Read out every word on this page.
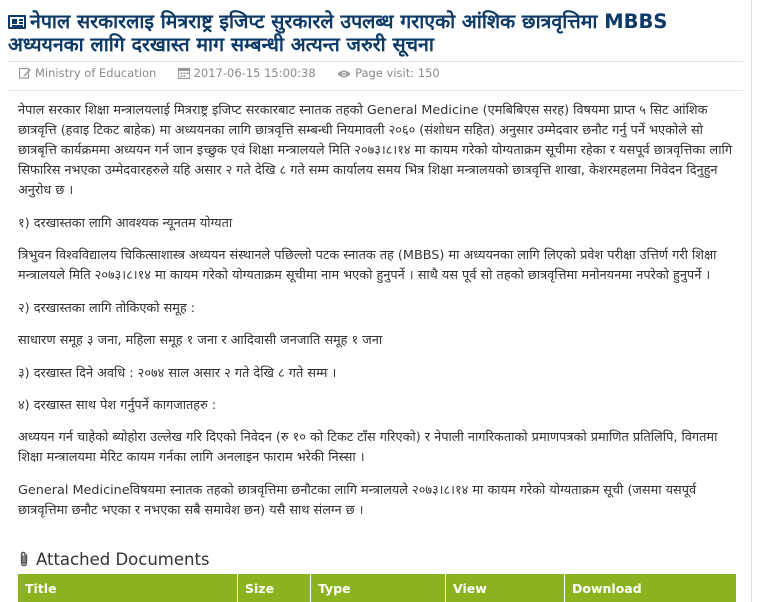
नेपाल सरकारलाइ मित्रराष्ट्र इजिप्ट सुरकारले उपलब्ध गराएको आंशिक छात्रवृत्तिमा MBBS अध्ययनका लागि दरखास्त माग सम्बन्धी अत्यन्त जरुरी सूचना
Ministry of Education	2017-06-15 15:00:38	Page visit: 150

नेपाल सरकार शिक्षा मन्त्रालयलाई मित्रराष्ट्र इजिप्ट सरकारबाट स्नातक तहको General Medicine (एमबिबिएस सरह) विषयमा प्राप्त ५ सिट आंशिक छात्रवृत्ति (हवाइ टिकट बाहेक) मा अध्ययनका लागि छात्रवृत्ति सम्बन्धी नियमावली २०६० (संशोधन सहित) अनुसार उम्मेदवार छनौट गर्नु पर्ने भएकोले सो छात्रबृत्ति कार्यक्रममा अध्ययन गर्न जान इच्छुक एवं शिक्षा मन्त्रालयले मिति २०७३।८।१४ मा कायम गरेको योग्यताक्रम सूचीमा रहेका र यसपूर्व छात्रवृत्तिका लागि सिफारिस नभएका उम्मेदवारहरुले यहि असार २ गते देखि ८ गते सम्म कार्यालय समय भित्र शिक्षा मन्त्रालयको छात्रवृत्ति शाखा, केशरमहलमा निवेदन दिनुहुन अनुरोध छ ।

१) दरखास्तका लागि आवश्यक न्यूनतम योग्यता

त्रिभुवन विश्वविद्यालय चिकित्साशास्त्र अध्ययन संस्थानले पछिल्लो पटक स्नातक तह (MBBS) मा अध्ययनका लागि लिएको प्रवेश परीक्षा उत्तिर्ण गरी शिक्षा मन्त्रालयले मिति २०७३।८।१४ मा कायम गरेको योग्यताक्रम सूचीमा नाम भएको हुनुपर्ने । साथै यस पूर्व सो तहको छात्रवृत्तिमा मनोनयनमा नपरेको हुनुपर्ने ।

२) दरखास्तका लागि तोकिएको समूह :

साधारण समूह ३ जना, महिला समूह १ जना र आदिवासी जनजाति समूह १ जना

३) दरखास्त दिने अवधि : २०७४ साल असार २ गते देखि ८ गते सम्म ।

४) दरखास्त साथ पेश गर्नुपर्ने कागजातहरु :

अध्ययन गर्न चाहेको ब्योहोरा उल्लेख गरि दिएको निवेदन (रु १० को टिकट टाँस गरिएको) र नेपाली नागरिकताको प्रमाणपत्रको प्रमाणित प्रतिलिपि, विगतमा शिक्षा मन्त्रालयमा मेरिट कायम गर्नका लागि अनलाइन फाराम भरेकी निस्सा ।

General Medicineविषयमा स्नातक तहको छात्रवृत्तिमा छनौटका लागि मन्त्रालयले २०७३।८।१४ मा कायम गरेको योग्यताक्रम सूची (जसमा यसपूर्व छात्रवृत्तिमा छनौट भएका र नभएका सबै समावेश छन) यसै साथ संलग्न छ ।

Attached Documents
Title	Size	Type	View	Download
